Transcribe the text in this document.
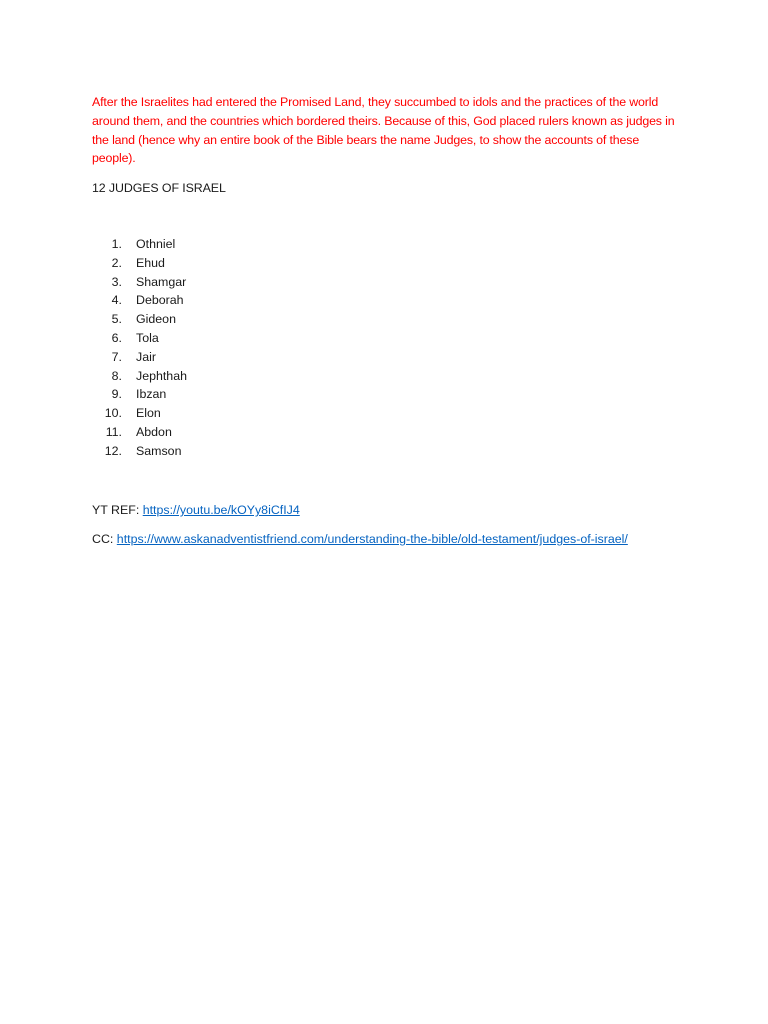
After the Israelites had entered the Promised Land, they succumbed to idols and the practices of the world around them, and the countries which bordered theirs. Because of this, God placed rulers known as judges in the land (hence why an entire book of the Bible bears the name Judges, to show the accounts of these people).

12 JUDGES OF ISRAEL

1. Othniel
2. Ehud
3. Shamgar
4. Deborah
5. Gideon
6. Tola
7. Jair
8. Jephthah
9. Ibzan
10. Elon
11. Abdon
12. Samson

YT REF: https://youtu.be/kOYy8iCfIJ4

CC: https://www.askanadventistfriend.com/understanding-the-bible/old-testament/judges-of-israel/
